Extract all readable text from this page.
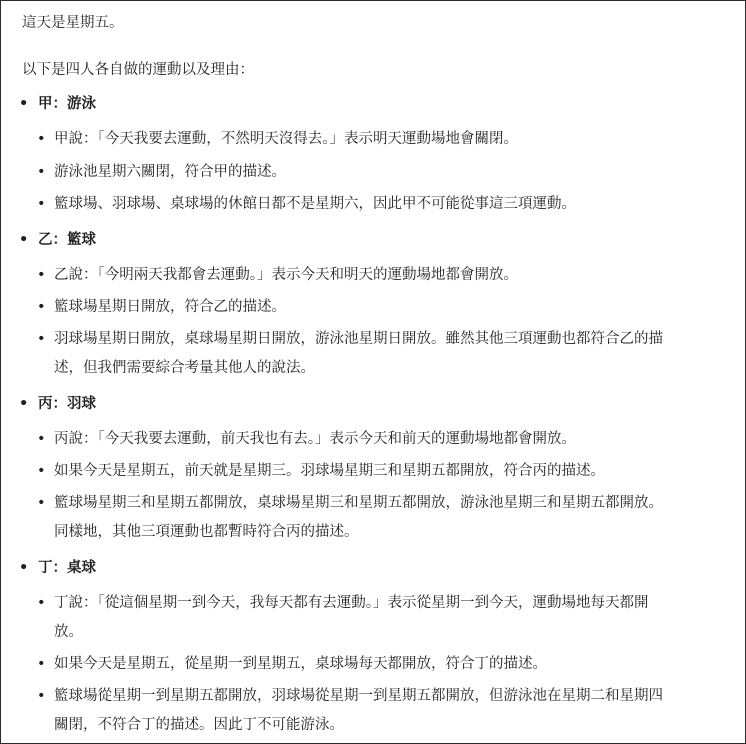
這天是星期五。
以下是四人各自做的運動以及理由：
• 甲：游泳
• 甲說：「今天我要去運動，不然明天沒得去。」表示明天運動場地會關閉。
• 游泳池星期六關閉，符合甲的描述。
• 籃球場、羽球場、桌球場的休館日都不是星期六，因此甲不可能從事這三項運動。
• 乙：籃球
• 乙說：「今明兩天我都會去運動。」表示今天和明天的運動場地都會開放。
• 籃球場星期日開放，符合乙的描述。
• 羽球場星期日開放，桌球場星期日開放，游泳池星期日開放。雖然其他三項運動也都符合乙的描
述，但我們需要綜合考量其他人的說法。
• 丙：羽球
• 丙說：「今天我要去運動，前天我也有去。」表示今天和前天的運動場地都會開放。
• 如果今天是星期五，前天就是星期三。羽球場星期三和星期五都開放，符合丙的描述。
• 籃球場星期三和星期五都開放，桌球場星期三和星期五都開放，游泳池星期三和星期五都開放。
同樣地，其他三項運動也都暫時符合丙的描述。
• 丁：桌球
• 丁說：「從這個星期一到今天，我每天都有去運動。」表示從星期一到今天，運動場地每天都開
放。
• 如果今天是星期五，從星期一到星期五，桌球場每天都開放，符合丁的描述。
• 籃球場從星期一到星期五都開放，羽球場從星期一到星期五都開放，但游泳池在星期二和星期四
關閉，不符合丁的描述。因此丁不可能游泳。
